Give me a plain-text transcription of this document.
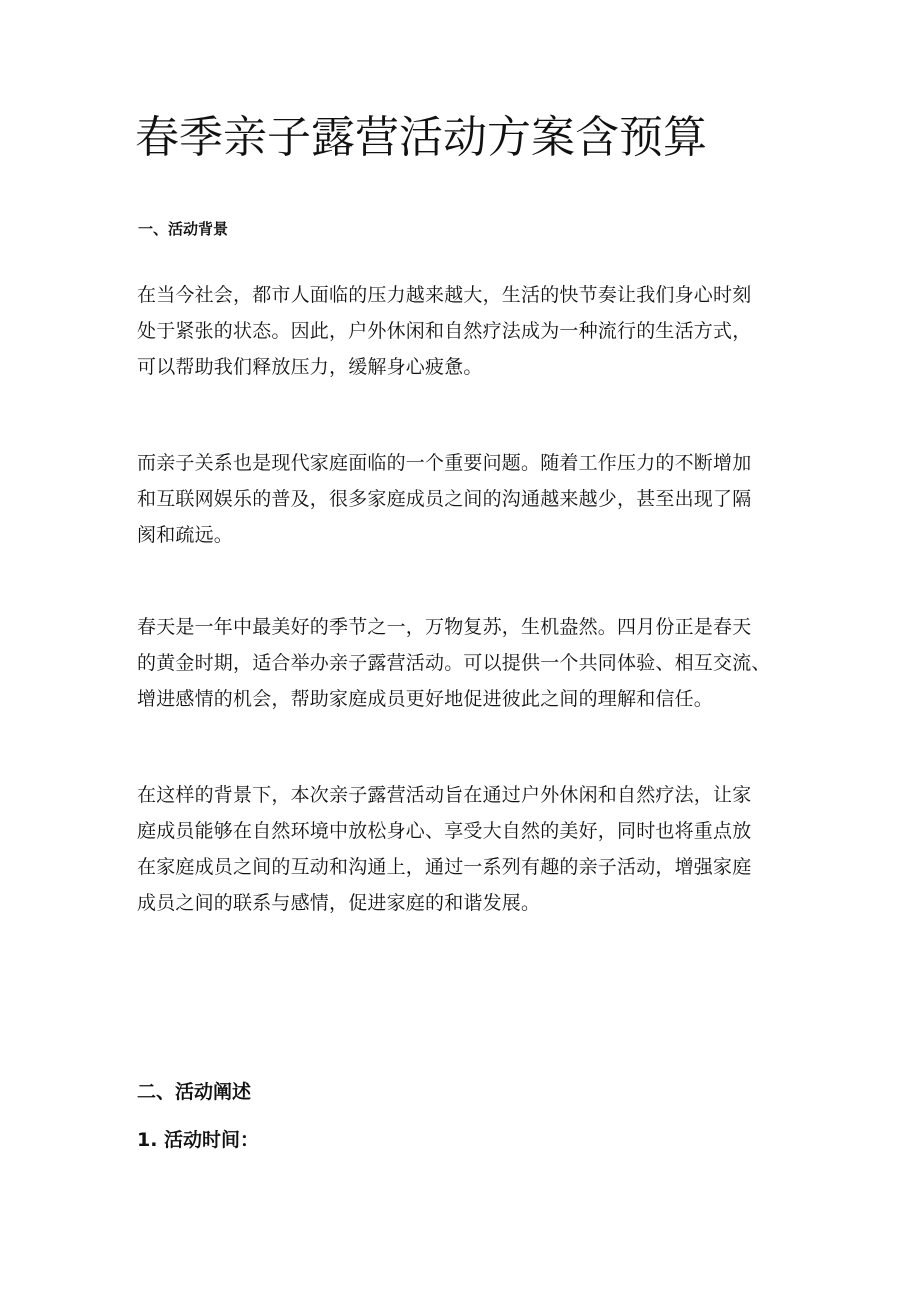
春季亲子露营活动方案含预算
一、活动背景

在当今社会，都市人面临的压力越来越大，生活的快节奏让我们身心时刻
处于紧张的状态。因此，户外休闲和自然疗法成为一种流行的生活方式，
可以帮助我们释放压力，缓解身心疲惫。

而亲子关系也是现代家庭面临的一个重要问题。随着工作压力的不断增加
和互联网娱乐的普及，很多家庭成员之间的沟通越来越少，甚至出现了隔
阂和疏远。

春天是一年中最美好的季节之一，万物复苏，生机盎然。四月份正是春天
的黄金时期，适合举办亲子露营活动。可以提供一个共同体验、相互交流、
增进感情的机会，帮助家庭成员更好地促进彼此之间的理解和信任。

在这样的背景下，本次亲子露营活动旨在通过户外休闲和自然疗法，让家
庭成员能够在自然环境中放松身心、享受大自然的美好，同时也将重点放
在家庭成员之间的互动和沟通上，通过一系列有趣的亲子活动，增强家庭
成员之间的联系与感情，促进家庭的和谐发展。

二、活动阐述
1. 活动时间：
